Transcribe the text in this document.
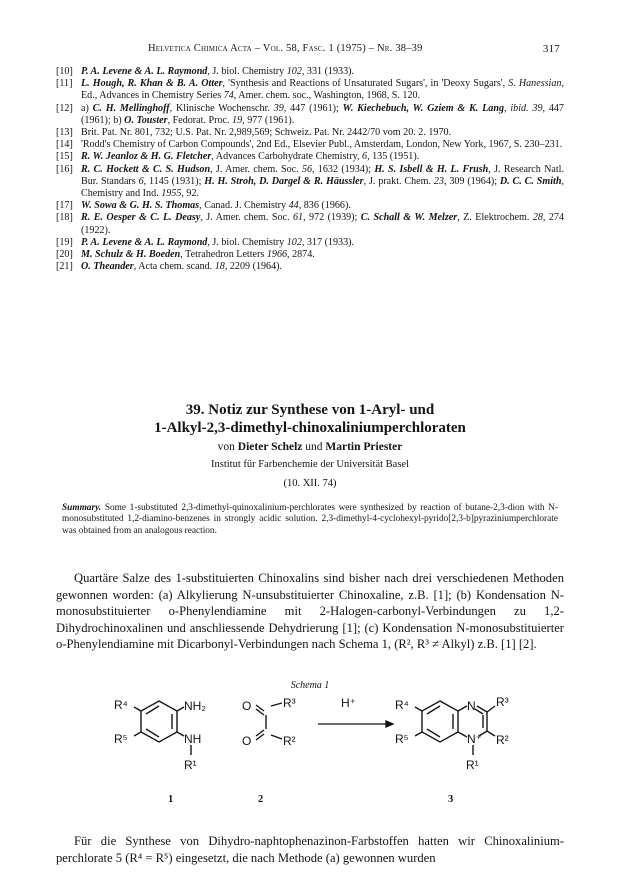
Helvetica Chimica Acta – Vol. 58, Fasc. 1 (1975) – Nr. 38–39	317
[10] P. A. Levene & A. L. Raymond, J. biol. Chemistry 102, 331 (1933).
[11] L. Hough, R. Khan & B. A. Otter, 'Synthesis and Reactions of Unsaturated Sugars', in 'Deoxy Sugars', S. Hanessian, Ed., Advances in Chemistry Series 74, Amer. chem. soc., Washington, 1968, S. 120.
[12] a) C. H. Mellinghoff, Klinische Wochenschr. 39, 447 (1961); W. Kiechebuch, W. Gziem & K. Lang, ibid. 39, 447 (1961); b) O. Touster, Fedorat. Proc. 19, 977 (1961).
[13] Brit. Pat. Nr. 801, 732; U.S. Pat. Nr. 2,989,569; Schweiz. Pat. Nr. 2442/70 vom 20. 2. 1970.
[14] 'Rodd's Chemistry of Carbon Compounds', 2nd Ed., Elsevier Publ., Amsterdam, London, New York, 1967, S. 230–231.
[15] R. W. Jeanloz & H. G. Fletcher, Advances Carbohydrate Chemistry, 6, 135 (1951).
[16] R. C. Hockett & C. S. Hudson, J. Amer. chem. Soc. 56, 1632 (1934); H. S. Isbell & H. L. Frush, J. Research Natl. Bur. Standars 6, 1145 (1931); H. H. Stroh, D. Dargel & R. Häussler, J. prakt. Chem. 23, 309 (1964); D. C. C. Smith, Chemistry and Ind. 1955, 92.
[17] W. Sowa & G. H. S. Thomas, Canad. J. Chemistry 44, 836 (1966).
[18] R. E. Oesper & C. L. Deasy, J. Amer. chem. Soc. 61, 972 (1939); C. Schall & W. Melzer, Z. Elektrochem. 28, 274 (1922).
[19] P. A. Levene & A. L. Raymond, J. biol. Chemistry 102, 317 (1933).
[20] M. Schulz & H. Boeden, Tetrahedron Letters 1966, 2874.
[21] O. Theander, Acta chem. scand. 18, 2209 (1964).
39. Notiz zur Synthese von 1-Aryl- und
1-Alkyl-2,3-dimethyl-chinoxaliniumperchloraten
von Dieter Schelz und Martin Priester
Institut für Farbenchemie der Universität Basel
(10. XII. 74)
Summary. Some 1-substituted 2,3-dimethyl-quinoxalinium-perchlorates were synthesized by reaction of butane-2,3-dion with N-monosubstituted 1,2-diamino-benzenes in strongly acidic solution. 2,3-dimethyl-4-cyclohexyl-pyrido[2,3-b]pyraziniumperchlorate was obtained from an analogous reaction.
Quartäre Salze des 1-substituierten Chinoxalins sind bisher nach drei verschiedenen Methoden gewonnen worden: (a) Alkylierung N-unsubstituierter Chinoxaline, z.B. [1]; (b) Kondensation N-monosubstituierter o-Phenylendiamine mit 2-Halogen-carbonyl-Verbindungen zu 1,2-Dihydrochinoxalinen und anschliessende Dehydrierung [1]; (c) Kondensation N-monosubstituierter o-Phenylendiamine mit Dicarbonyl-Verbindungen nach Schema 1, (R², R³ ≠ Alkyl) z.B. [1] [2].
Schema 1
R⁴
R⁵
NH₂
NH
R¹
1
O	R³
O	R²
2
H⁺	R⁴
R⁵
N
N⁺
R³
R²
R¹
3
Für die Synthese von Dihydro-naphtophenazinon-Farbstoffen hatten wir Chinoxalinium-perchlorate 5 (R⁴ = R⁵) eingesetzt, die nach Methode (a) gewonnen wurden
